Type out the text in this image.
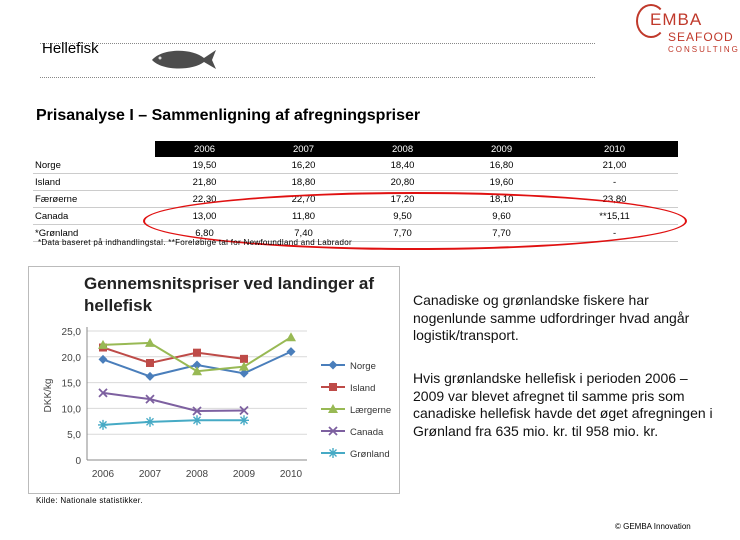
Hellefisk
EMBA
SEAFOOD
CONSULTING
Prisanalyse I – Sammenligning af afregningspriser
	2006	2007	2008	2009	2010
Norge	19,50	16,20	18,40	16,80	21,00
Island	21,80	18,80	20,80	19,60	-
Færøerne	22,30	22,70	17,20	18,10	23,80
Canada	13,00	11,80	9,50	9,60	**15,11
*Grønland	6,80	7,40	7,70	7,70	-
*Data baseret på indhandlingstal. **Foreløbige tal for Newfoundland and Labrador
Gennemsnitspriser ved landinger af
hellefisk
0
5,0
10,0
15,0
20,0
25,0
DKK/kg
2006 2007 2008 2009 2010
Norge
Island
Lærgerne
Canada
Grønland
Kilde: Nationale statistikker.
Canadiske og grønlandske fiskere har nogenlunde samme udfordringer hvad angår logistik/transport.
Hvis grønlandske hellefisk i perioden 2006 – 2009 var blevet afregnet til samme pris som canadiske hellefisk havde det øget afregningen i Grønland fra 635 mio. kr. til 958 mio. kr.
© GEMBA Innovation
